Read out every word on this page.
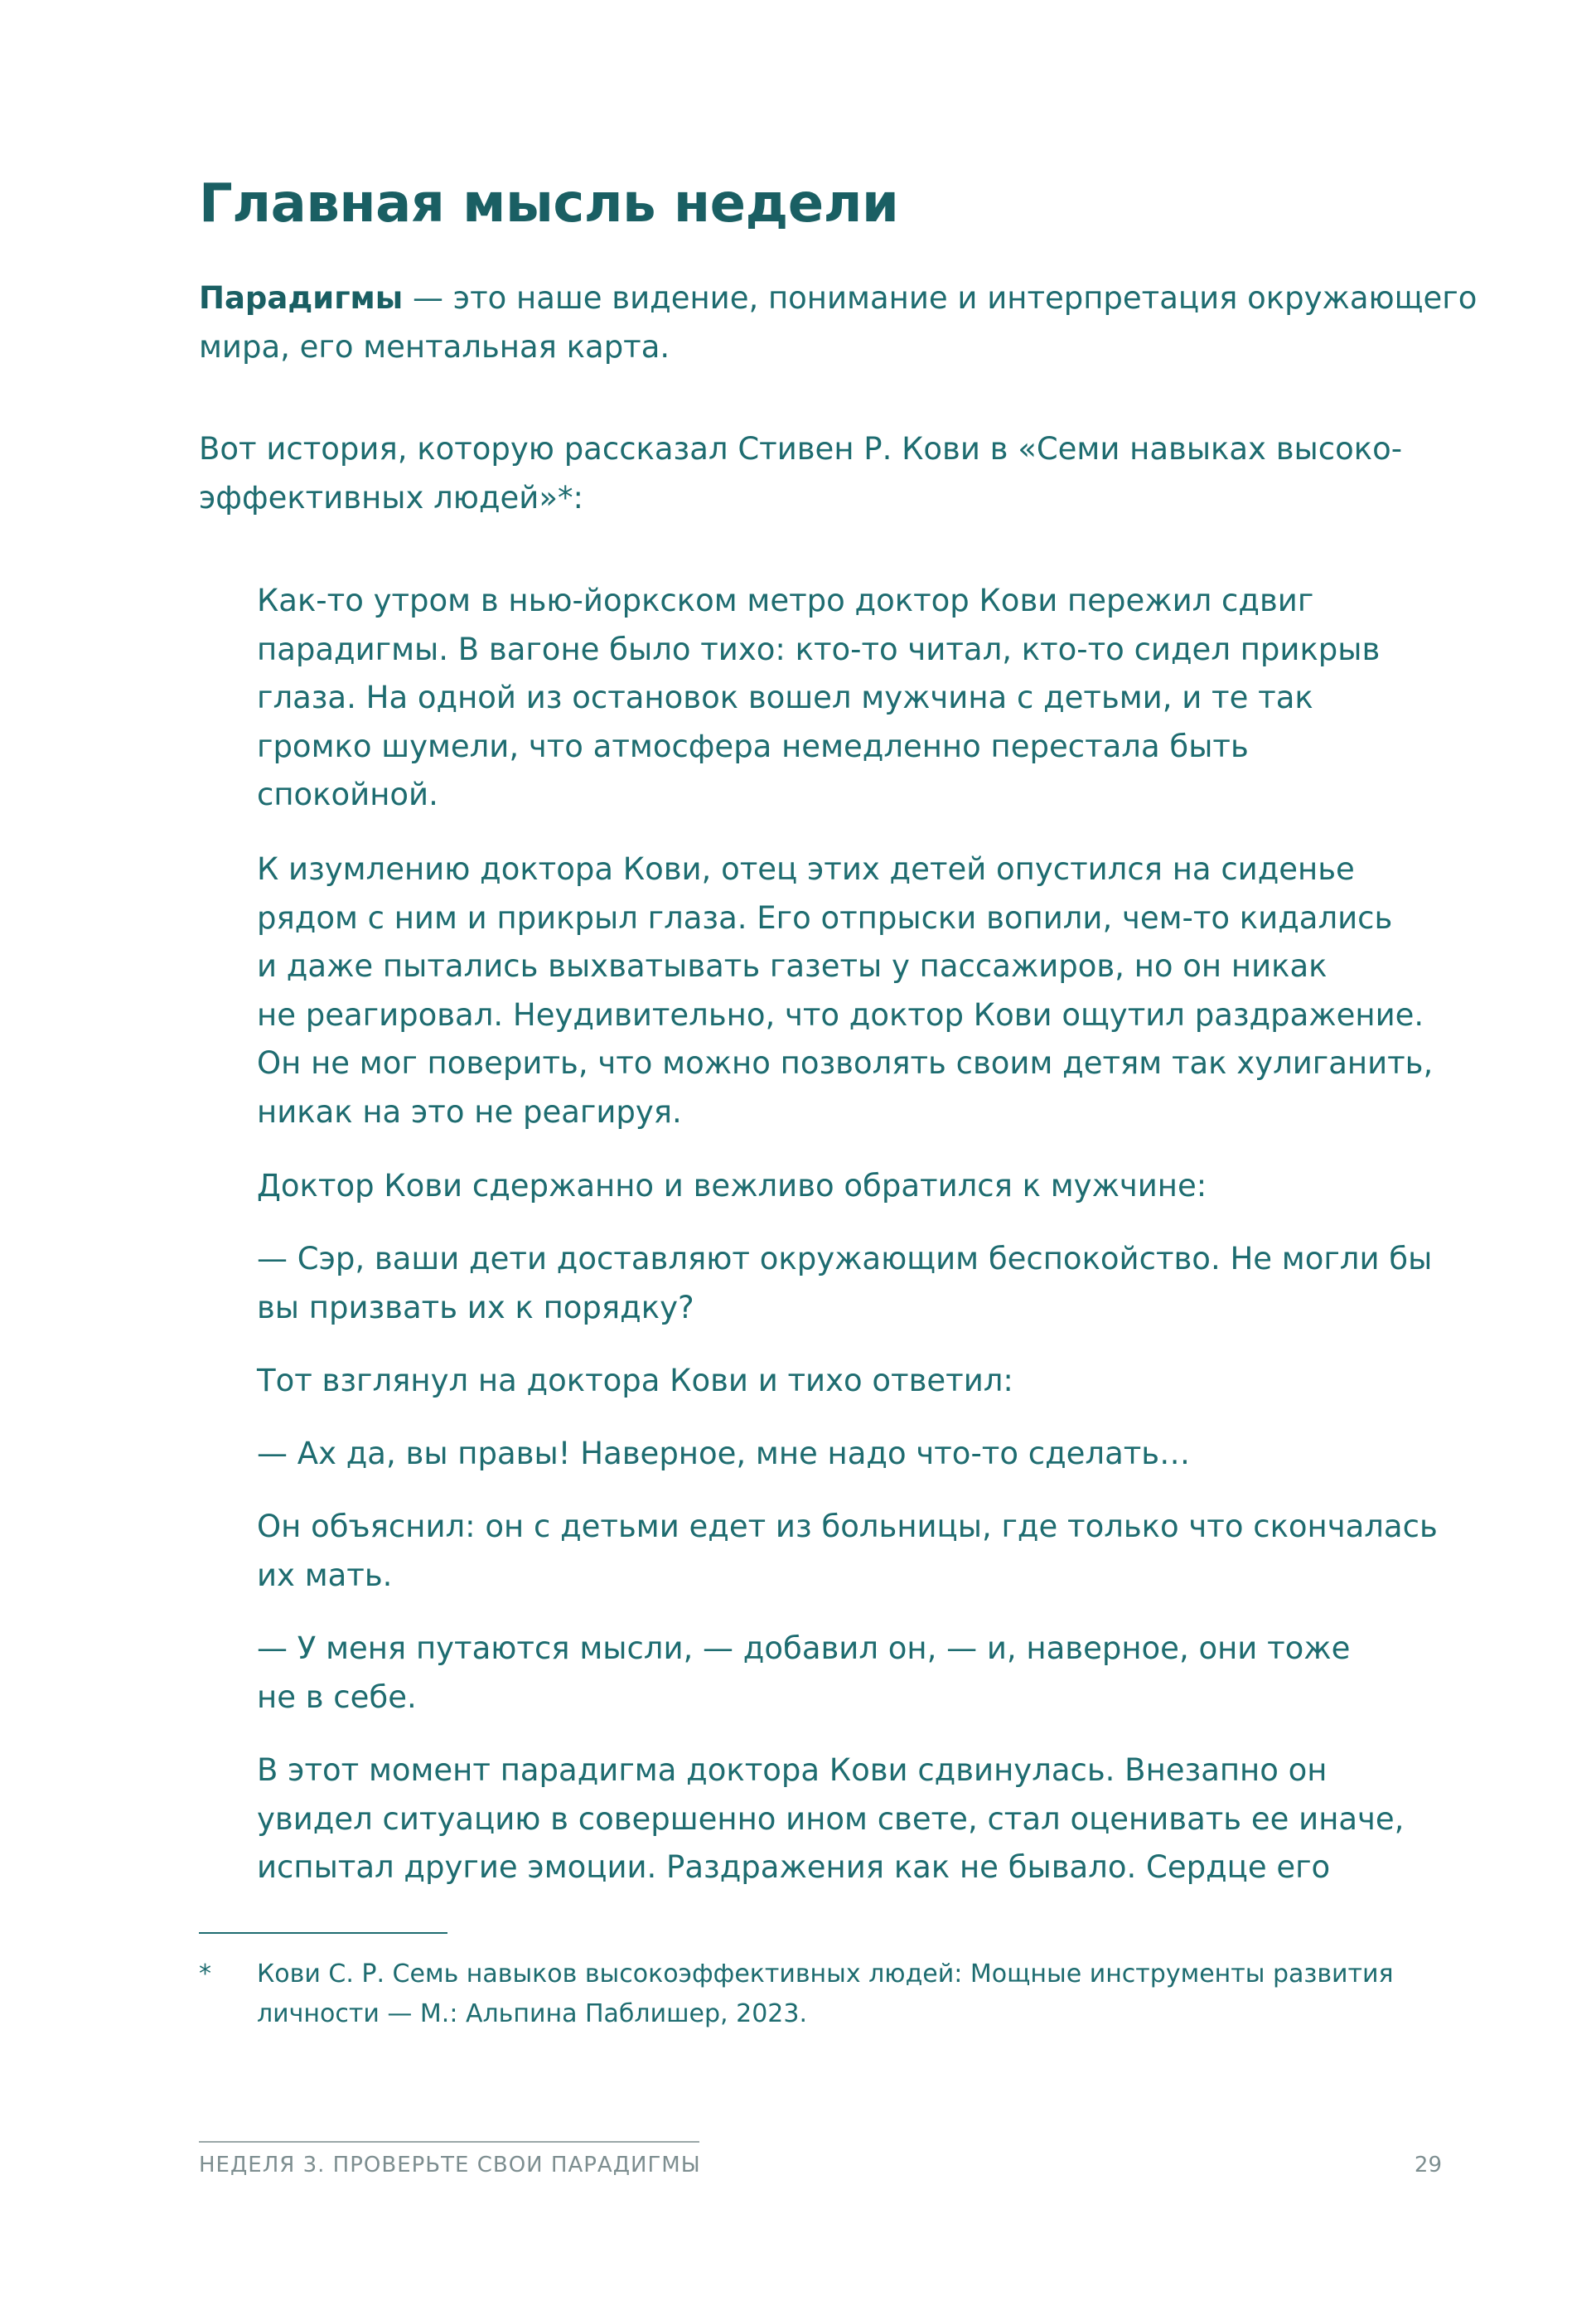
Главная мысль недели
Парадигмы — это наше видение, понимание и интерпретация окружающего
мира, его ментальная карта.
Вот история, которую рассказал Стивен Р. Кови в «Семи навыках высоко-
эффективных людей»*:

Как-то утром в нью-йоркском метро доктор Кови пережил сдвиг
парадигмы. В вагоне было тихо: кто-то читал, кто-то сидел прикрыв
глаза. На одной из остановок вошел мужчина с детьми, и те так
громко шумели, что атмосфера немедленно перестала быть
спокойной.

К изумлению доктора Кови, отец этих детей опустился на сиденье
рядом с ним и прикрыл глаза. Его отпрыски вопили, чем-то кидались
и даже пытались выхватывать газеты у пассажиров, но он никак
не реагировал. Неудивительно, что доктор Кови ощутил раздражение.
Он не мог поверить, что можно позволять своим детям так хулиганить,
никак на это не реагируя.

Доктор Кови сдержанно и вежливо обратился к мужчине:

— Сэр, ваши дети доставляют окружающим беспокойство. Не могли бы
вы призвать их к порядку?

Тот взглянул на доктора Кови и тихо ответил:

— Ах да, вы правы! Наверное, мне надо что-то сделать…

Он объяснил: он с детьми едет из больницы, где только что скончалась
их мать.

— У меня путаются мысли, — добавил он, — и, наверное, они тоже
не в себе.

В этот момент парадигма доктора Кови сдвинулась. Внезапно он
увидел ситуацию в совершенно ином свете, стал оценивать ее иначе,
испытал другие эмоции. Раздражения как не бывало. Сердце его

* Кови С. Р. Семь навыков высокоэффективных людей: Мощные инструменты развития
личности — М.: Альпина Паблишер, 2023.
НЕДЕЛЯ 3. ПРОВЕРЬТЕ СВОИ ПАРАДИГМЫ	29
